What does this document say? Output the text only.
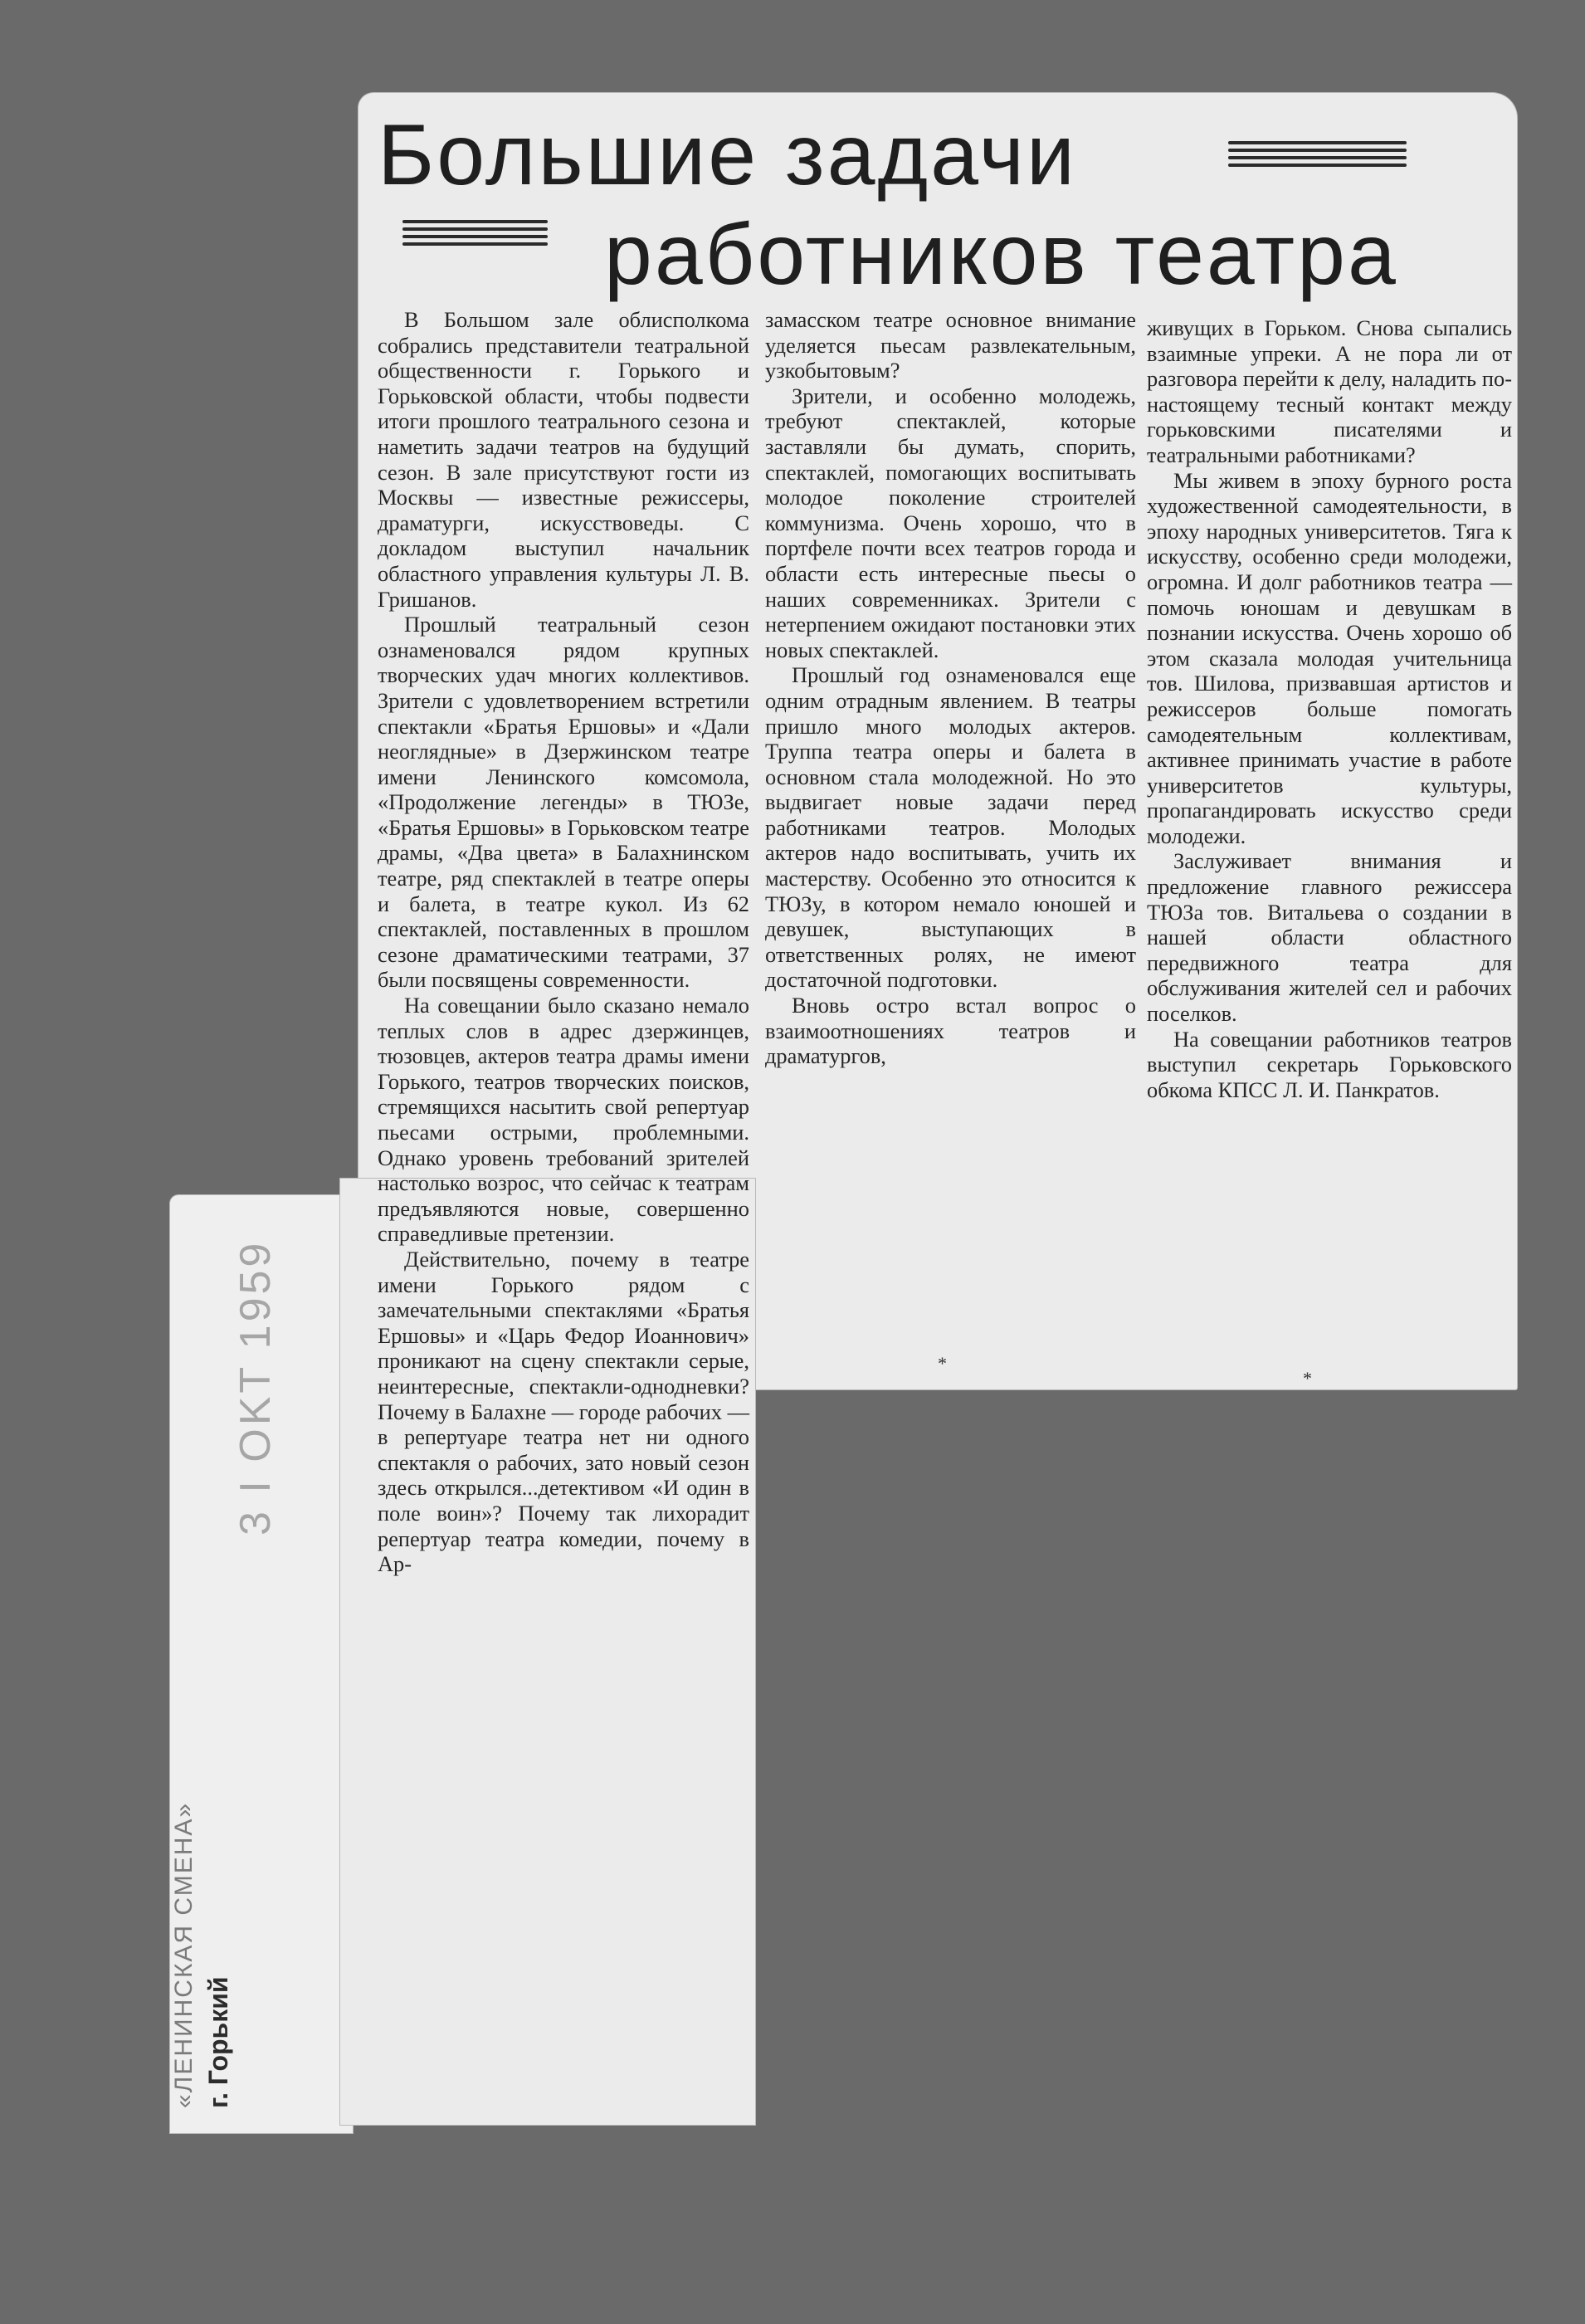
Большие задачи
работников театра

В Большом зале облисполкома собрались представители театральной общественности г. Горького и Горьковской области, чтобы подвести итоги прошлого театрального сезона и наметить задачи театров на будущий сезон. В зале присутствуют гости из Москвы — известные режиссеры, драматурги, искусствоведы. С докладом выступил начальник областного управления культуры Л. В. Гришанов.

Прошлый театральный сезон ознаменовался рядом крупных творческих удач многих коллективов. Зрители с удовлетворением встретили спектакли «Братья Ершовы» и «Дали неоглядные» в Дзержинском театре имени Ленинского комсомола, «Продолжение легенды» в ТЮЗе, «Братья Ершовы» в Горьковском театре драмы, «Два цвета» в Балахнинском театре, ряд спектаклей в театре оперы и балета, в театре кукол. Из 62 спектаклей, поставленных в прошлом сезоне драматическими театрами, 37 были посвящены современности.

На совещании было сказано немало теплых слов в адрес дзержинцев, тюзовцев, актеров театра драмы имени Горького, театров творческих поисков, стремящихся насытить свой репертуар пьесами острыми, проблемными. Однако уровень требований зрителей настолько возрос, что сейчас к театрам предъявляются новые, совершенно справедливые претензии.

Действительно, почему в театре имени Горького рядом с замечательными спектаклями «Братья Ершовы» и «Царь Федор Иоаннович» проникают на сцену спектакли серые, неинтересные, спектакли-однодневки? Почему в Балахне — городе рабочих — в репертуаре театра нет ни одного спектакля о рабочих, зато новый сезон здесь открылся...детективом «И один в поле воин»? Почему так лихорадит репертуар театра комедии, почему в Ар-

замасском театре основное внимание уделяется пьесам развлекательным, узкобытовым?

Зрители, и особенно молодежь, требуют спектаклей, которые заставляли бы думать, спорить, спектаклей, помогающих воспитывать молодое поколение строителей коммунизма. Очень хорошо, что в портфеле почти всех театров города и области есть интересные пьесы о наших современниках. Зрители с нетерпением ожидают постановки этих новых спектаклей.

Прошлый год ознаменовался еще одним отрадным явлением. В театры пришло много молодых актеров. Труппа театра оперы и балета в основном стала молодежной. Но это выдвигает новые задачи перед работниками театров. Молодых актеров надо воспитывать, учить их мастерству. Особенно это относится к ТЮЗу, в котором немало юношей и девушек, выступающих в ответственных ролях, не имеют достаточной подготовки.

Вновь остро встал вопрос о взаимоотношениях театров и драматургов,

живущих в Горьком. Снова сыпались взаимные упреки. А не пора ли от разговора перейти к делу, наладить по-настоящему тесный контакт между горьковскими писателями и театральными работниками?

Мы живем в эпоху бурного роста художественной самодеятельности, в эпоху народных университетов. Тяга к искусству, особенно среди молодежи, огромна. И долг работников театра — помочь юношам и девушкам в познании искусства. Очень хорошо об этом сказала молодая учительница тов. Шилова, призвавшая артистов и режиссеров больше помогать самодеятельным коллективам, активнее принимать участие в работе университетов культуры, пропагандировать искусство среди молодежи.

Заслуживает внимания и предложение главного режиссера ТЮЗа тов. Витальева о создании в нашей области областного передвижного театра для обслуживания жителей сел и рабочих поселков.

На совещании работников театров выступил секретарь Горьковского обкома КПСС Л. И. Панкратов.

*
*
3 I OKT 1959
«ЛЕНИНСКАЯ СМЕНА» г. Горький
